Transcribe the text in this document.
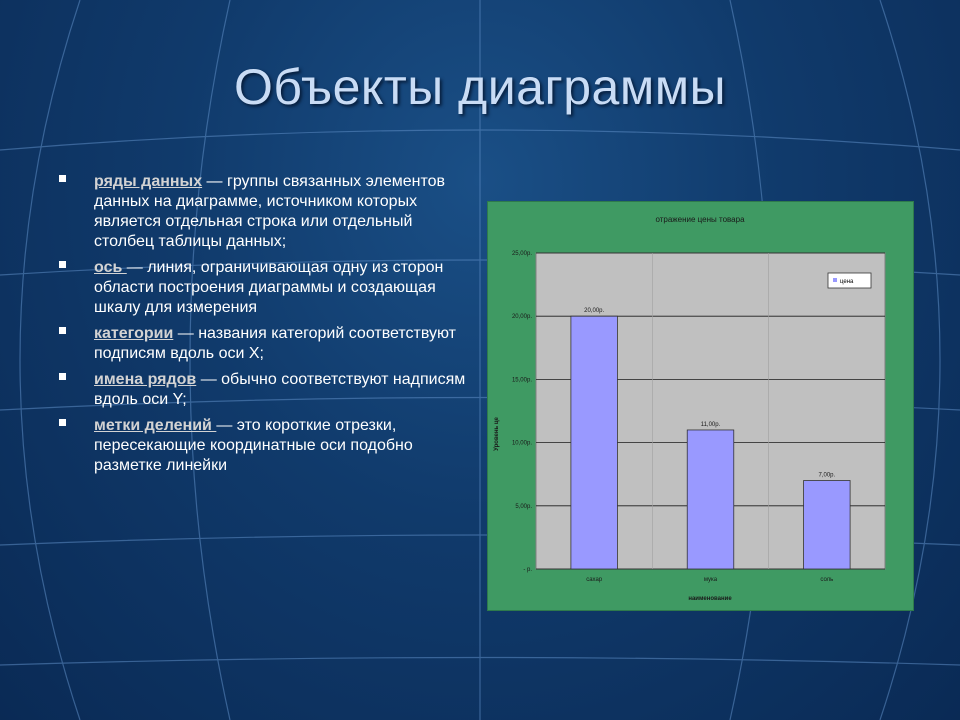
Объекты диаграммы
ряды данных — группы связанных элементов данных на диаграмме, источником которых является отдельная строка или отдельный столбец таблицы данных;
ось — линия, ограничивающая одну из сторон области построения диаграммы и создающая шкалу для измерения
категории — названия категорий соответствуют подписям вдоль оси X;
имена рядов — обычно соответствуют надписям вдоль оси Y;
метки делений — это короткие отрезки, пересекающие координатные оси подобно разметке линейки
отражение цены товара
20,00р.
11,00р.
7,00р.
- р.
5,00р.
10,00р.
15,00р.
20,00р.
25,00р.
сахар	мука	соль
цена
наименование
Уровень це
